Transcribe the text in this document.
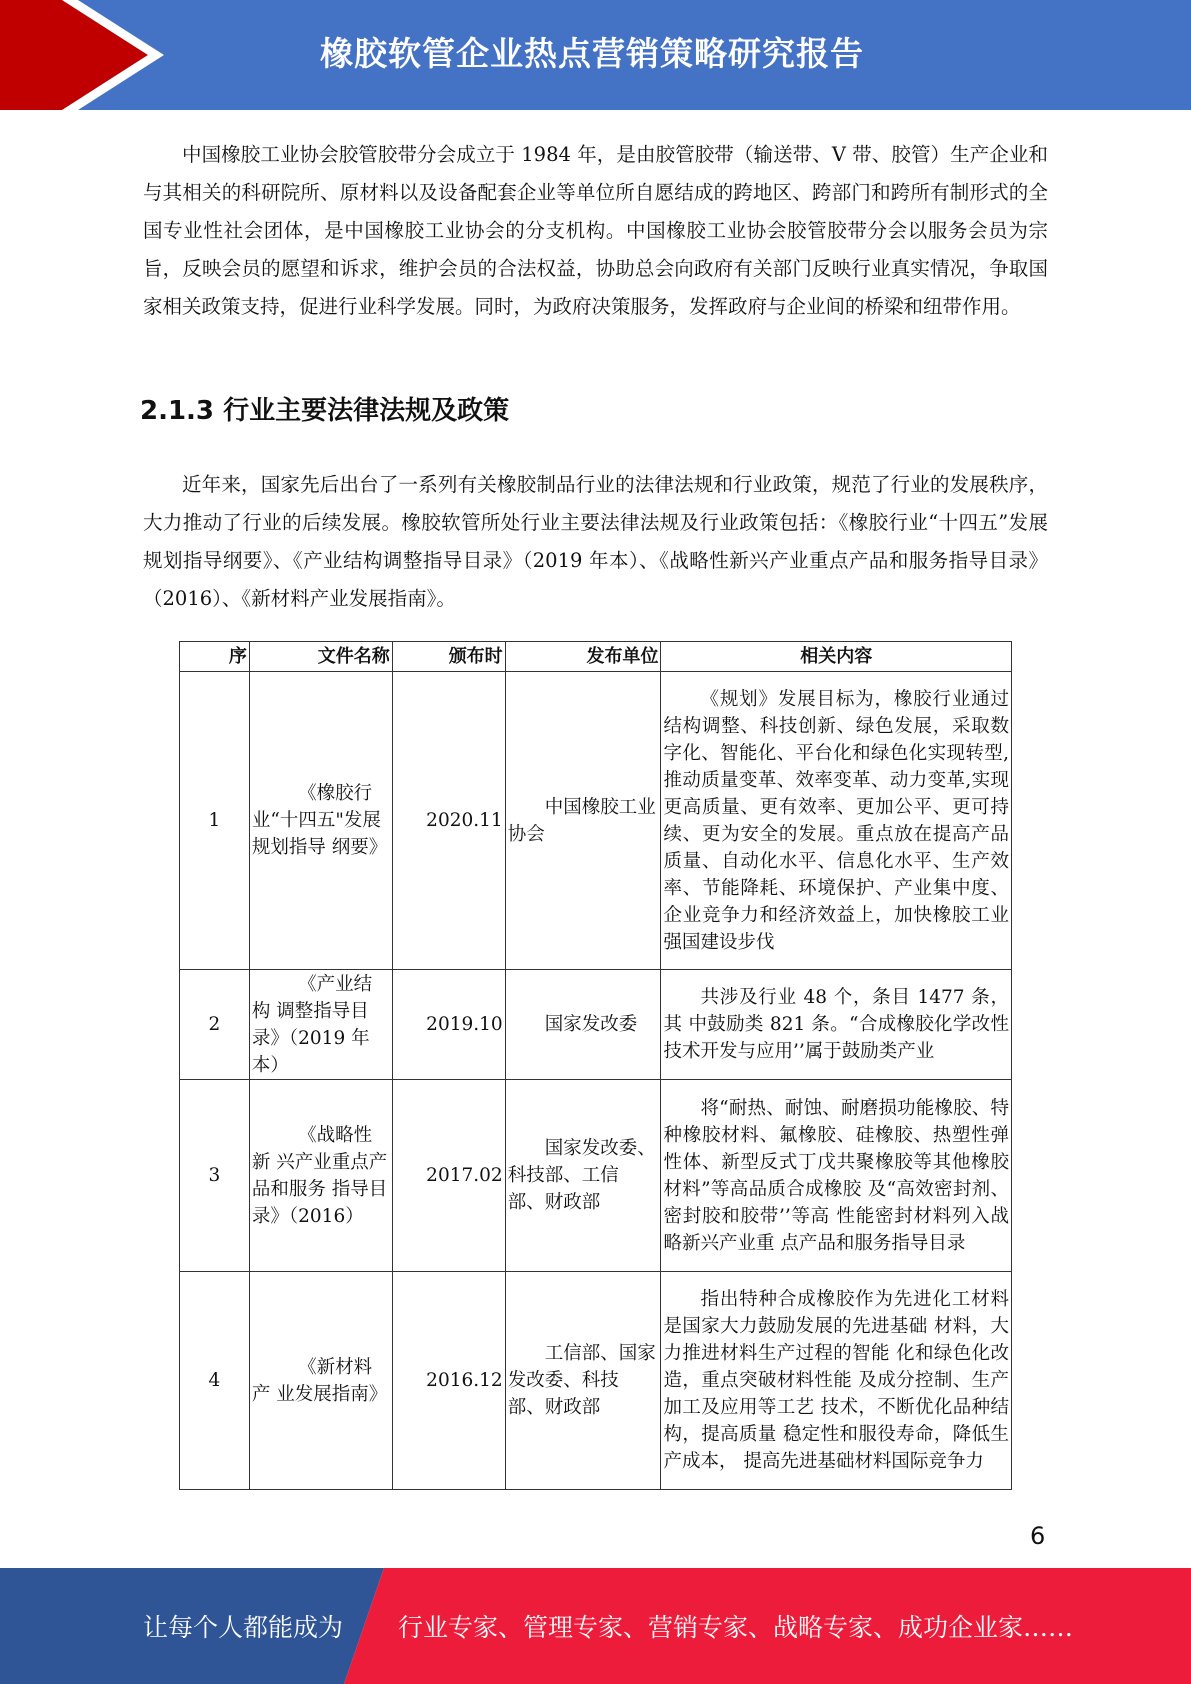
橡胶软管企业热点营销策略研究报告

中国橡胶工业协会胶管胶带分会成立于 1984 年，是由胶管胶带（输送带、V 带、胶管）生产企业和与其相关的科研院所、原材料以及设备配套企业等单位所自愿结成的跨地区、跨部门和跨所有制形式的全国专业性社会团体，是中国橡胶工业协会的分支机构。中国橡胶工业协会胶管胶带分会以服务会员为宗旨，反映会员的愿望和诉求，维护会员的合法权益，协助总会向政府有关部门反映行业真实情况，争取国家相关政策支持，促进行业科学发展。同时，为政府决策服务，发挥政府与企业间的桥梁和纽带作用。

2.1.3 行业主要法律法规及政策

近年来，国家先后出台了一系列有关橡胶制品行业的法律法规和行业政策，规范了行业的发展秩序，大力推动了行业的后续发展。橡胶软管所处行业主要法律法规及行业政策包括：《橡胶行业“十四五”发展规划指导纲要》、《产业结构调整指导目录》（2019 年本）、《战略性新兴产业重点产品和服务指导目录》（2016）、《新材料产业发展指南》。

序	文件名称	颁布时	发布单位	相关内容
1	《橡胶行业“十四五"发展规划指导 纲要》	2020.11	中国橡胶工业 协会	《规划》发展目标为，橡胶行业通过 结构调整、科技创新、绿色发展，采取数字化、智能化、平台化和绿色化实现转型,推动质量变革、效率变革、动力变革,实现更高质量、更有效率、更加公平、更可持续、更为安全的发展。重点放在提高产品质量、自动化水平、信息化水平、生产效率、节能降耗、环境保护、产业集中度、企业竞争力和经济效益上，加快橡胶工业强国建设步伐
2	《产业结构 调整指导目录》（2019 年本）	2019.10	国家发改委	共涉及行业 48 个，条目 1477 条，其 中鼓励类 821 条。“合成橡胶化学改性技术开发与应用’’属于鼓励类产业
3	《战略性新 兴产业重点产品和服务 指导目录》（2016）	2017.02	国家发改委、科技部、工信 部、财政部	将“耐热、耐蚀、耐磨损功能橡胶、特种橡胶材料、氟橡胶、硅橡胶、热塑性弹性体、新型反式丁戊共聚橡胶等其他橡胶材料”等高品质合成橡胶 及“高效密封剂、密封胶和胶带’’等高 性能密封材料列入战略新兴产业重 点产品和服务指导目录
4	《新材料产 业发展指南》	2016.12	工信部、国家发改委、科技 部、财政部	指出特种合成橡胶作为先进化工材料是国家大力鼓励发展的先进基础 材料，大力推进材料生产过程的智能 化和绿色化改造，重点突破材料性能 及成分控制、生产加工及应用等工艺 技术，不断优化品种结构，提高质量 稳定性和服役寿命，降低生产成本， 提高先进基础材料国际竞争力
6
让每个人都能成为 行业专家、管理专家、营销专家、战略专家、成功企业家……
